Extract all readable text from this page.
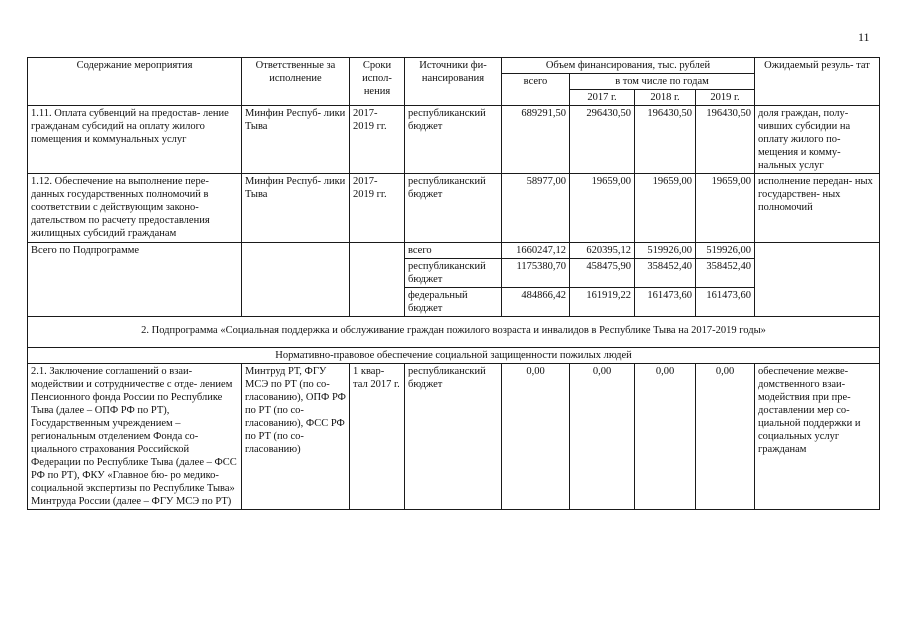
11
Содержание мероприятия	Ответственные за исполнение	Сроки испол- нения	Источники фи- нансирования	Объем финансирования, тыс. рублей				Ожидаемый резуль- тат
				всего	в том числе по годам			
					2017 г.	2018 г.	2019 г.	
1.11. Оплата субвенций на предостав- ление гражданам субсидий на оплату жилого помещения и коммунальных услуг	Минфин Респуб- лики Тыва	2017- 2019 гг.	республиканский бюджет	689291,50	296430,50	196430,50	196430,50	доля граждан, полу- чивших субсидии на оплату жилого по- мещения и комму- нальных услуг
1.12. Обеспечение на выполнение пере- данных государственных полномочий в соответствии с действующим законо- дательством по расчету предоставления жилищных субсидий гражданам	Минфин Респуб- лики Тыва	2017- 2019 гг.	республиканский бюджет	58977,00	19659,00	19659,00	19659,00	исполнение передан- ных государствен- ных полномочий
Всего по Подпрограмме			всего	1660247,12	620395,12	519926,00	519926,00	
			республиканский бюджет	1175380,70	458475,90	358452,40	358452,40	
			федеральный бюджет	484866,42	161919,22	161473,60	161473,60	
2. Подпрограмма «Социальная поддержка и обслуживание граждан пожилого возраста и инвалидов в Республике Тыва на 2017-2019 годы»								
Нормативно-правовое обеспечение социальной защищенности пожилых людей								
2.1. Заключение соглашений о взаи- модействии и сотрудничестве с отде- лением Пенсионного фонда России по Республике Тыва (далее – ОПФ РФ по РТ), Государственным учреждением – региональным отделением Фонда со- циального страхования Российской Федерации по Республике Тыва (далее – ФСС РФ по РТ), ФКУ «Главное бю- ро медико-социальной экспертизы по Республике Тыва» Минтруда России (далее – ФГУ МСЭ по РТ)	Минтруд РТ, ФГУ МСЭ по РТ (по со- гласованию), ОПФ РФ по РТ (по со- гласованию), ФСС РФ по РТ (по со- гласованию)	1 квар- тал 2017 г.	республиканский бюджет	0,00	0,00	0,00	0,00	обеспечение межве- домственного взаи- модействия при пре- доставлении мер со- циальной поддержки и социальных услуг гражданам
